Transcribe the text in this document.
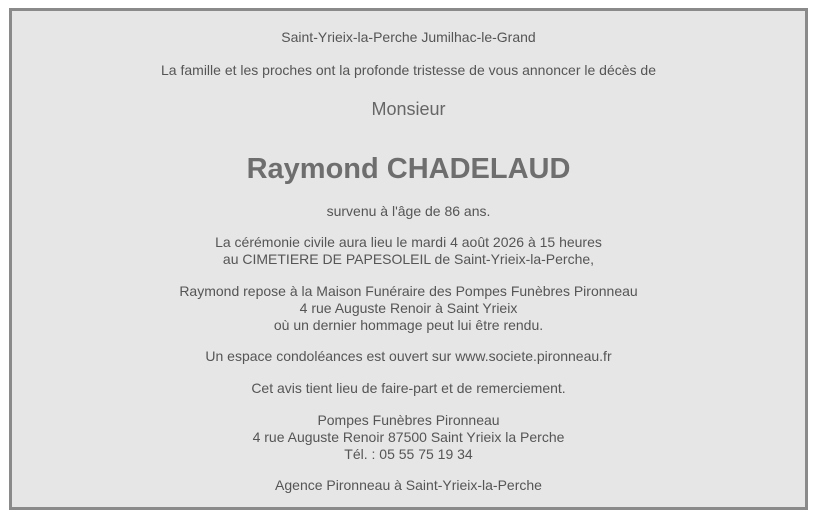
Saint-Yrieix-la-Perche Jumilhac-le-Grand

La famille et les proches ont la profonde tristesse de vous annoncer le décès de

Monsieur

Raymond CHADELAUD

survenu à l'âge de 86 ans.

La cérémonie civile aura lieu le mardi 4 août 2026 à 15 heures

au CIMETIERE DE PAPESOLEIL de Saint-Yrieix-la-Perche,

Raymond repose à la Maison Funéraire des Pompes Funèbres Pironneau

4 rue Auguste Renoir à Saint Yrieix

où un dernier hommage peut lui être rendu.

Un espace condoléances est ouvert sur www.societe.pironneau.fr

Cet avis tient lieu de faire-part et de remerciement.

Pompes Funèbres Pironneau

4 rue Auguste Renoir 87500 Saint Yrieix la Perche

Tél. : 05 55 75 19 34

Agence Pironneau à Saint-Yrieix-la-Perche
